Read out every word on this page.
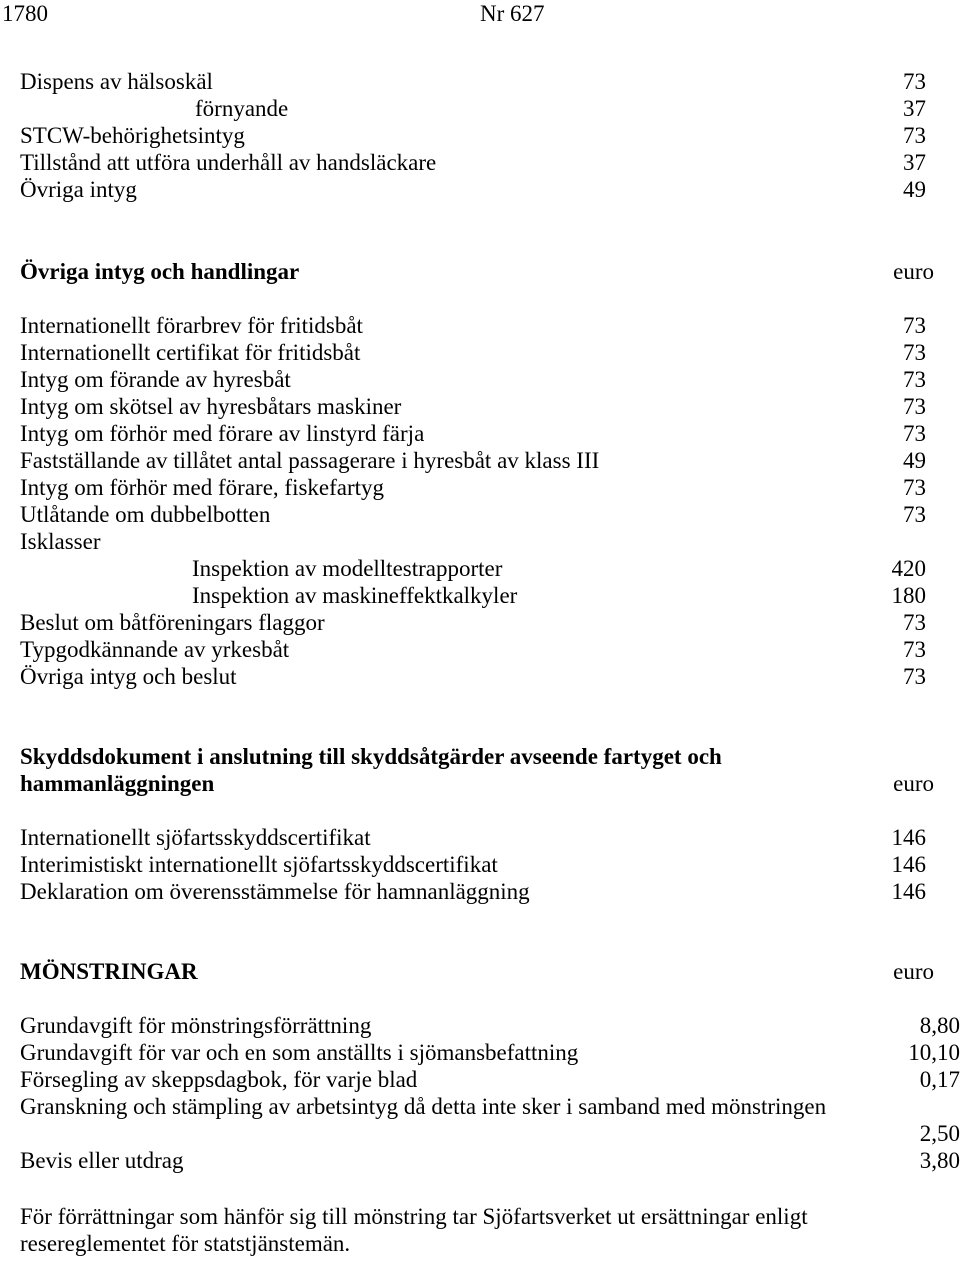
1780	Nr 627
Dispens av hälsoskäl	73
förnyande	37
STCW-behörighetsintyg	73
Tillstånd att utföra underhåll av handsläckare	37
Övriga intyg	49
Övriga intyg och handlingar	euro
Internationellt förarbrev för fritidsbåt	73
Internationellt certifikat för fritidsbåt	73
Intyg om förande av hyresbåt	73
Intyg om skötsel av hyresbåtars maskiner	73
Intyg om förhör med förare av linstyrd färja	73
Fastställande av tillåtet antal passagerare i hyresbåt av klass III	49
Intyg om förhör med förare, fiskefartyg	73
Utlåtande om dubbelbotten	73
Isklasser
Inspektion av modelltestrapporter	420
Inspektion av maskineffektkalkyler	180
Beslut om båtföreningars flaggor	73
Typgodkännande av yrkesbåt	73
Övriga intyg och beslut	73
Skyddsdokument i anslutning till skyddsåtgärder avseende fartyget och
hammanläggningen	euro
Internationellt sjöfartsskyddscertifikat	146
Interimistiskt internationellt sjöfartsskyddscertifikat	146
Deklaration om överensstämmelse för hamnanläggning	146
MÖNSTRINGAR	euro
Grundavgift för mönstringsförrättning	8,80
Grundavgift för var och en som anställts i sjömansbefattning	10,10
Försegling av skeppsdagbok, för varje blad	0,17
Granskning och stämpling av arbetsintyg då detta inte sker i samband med mönstringen
2,50
Bevis eller utdrag	3,80
För förrättningar som hänför sig till mönstring tar Sjöfartsverket ut ersättningar enligt resereglementet för statstjänstemän.
